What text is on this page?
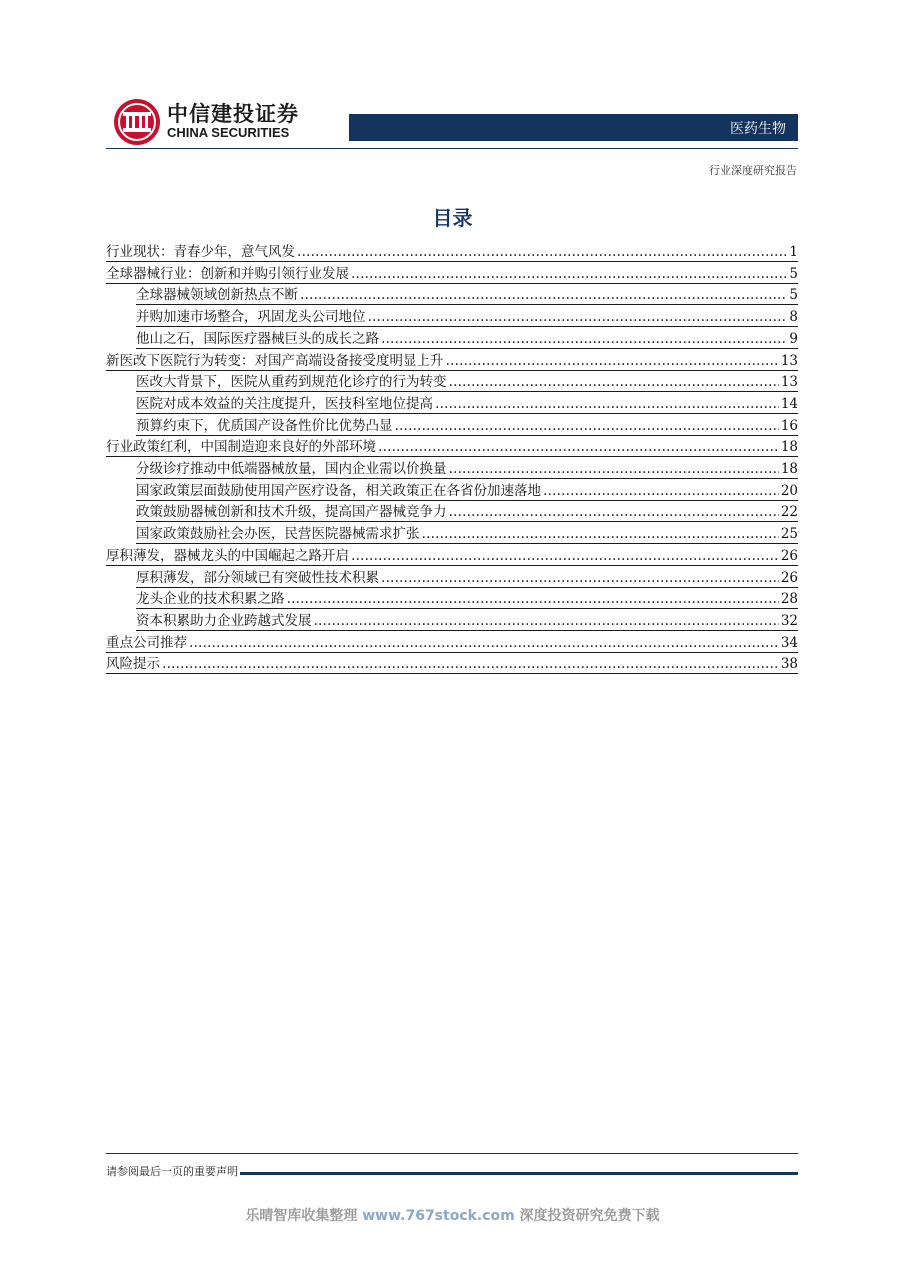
中信建投证券
CHINA SECURITIES	医药生物
行业深度研究报告
目录
行业现状：青春少年，意气风发 ……………………………………………………………………………………………………………………………………………………………………………………………………………………………	1
全球器械行业：创新和并购引领行业发展 ……………………………………………………………………………………………………………………………………………………………………………………………………………………………	5
全球器械领域创新热点不断 ……………………………………………………………………………………………………………………………………………………………………………………………………………………………	5
并购加速市场整合，巩固龙头公司地位 ……………………………………………………………………………………………………………………………………………………………………………………………………………………………	8
他山之石，国际医疗器械巨头的成长之路 ……………………………………………………………………………………………………………………………………………………………………………………………………………………………	9
新医改下医院行为转变：对国产高端设备接受度明显上升 ……………………………………………………………………………………………………………………………………………………………………………………………………………………………	13
医改大背景下，医院从重药到规范化诊疗的行为转变 ……………………………………………………………………………………………………………………………………………………………………………………………………………………………	13
医院对成本效益的关注度提升，医技科室地位提高 ……………………………………………………………………………………………………………………………………………………………………………………………………………………………	14
预算约束下，优质国产设备性价比优势凸显 ……………………………………………………………………………………………………………………………………………………………………………………………………………………………	16
行业政策红利，中国制造迎来良好的外部环境 ……………………………………………………………………………………………………………………………………………………………………………………………………………………………	18
分级诊疗推动中低端器械放量，国内企业需以价换量 ……………………………………………………………………………………………………………………………………………………………………………………………………………………………	18
国家政策层面鼓励使用国产医疗设备，相关政策正在各省份加速落地 ……………………………………………………………………………………………………………………………………………………………………………………………………………………………	20
政策鼓励器械创新和技术升级，提高国产器械竞争力 ……………………………………………………………………………………………………………………………………………………………………………………………………………………………	22
国家政策鼓励社会办医，民营医院器械需求扩张 ……………………………………………………………………………………………………………………………………………………………………………………………………………………………	25
厚积薄发，器械龙头的中国崛起之路开启 ……………………………………………………………………………………………………………………………………………………………………………………………………………………………	26
厚积薄发，部分领域已有突破性技术积累 ……………………………………………………………………………………………………………………………………………………………………………………………………………………………	26
龙头企业的技术积累之路 ……………………………………………………………………………………………………………………………………………………………………………………………………………………………	28
资本积累助力企业跨越式发展 ……………………………………………………………………………………………………………………………………………………………………………………………………………………………	32
重点公司推荐 ……………………………………………………………………………………………………………………………………………………………………………………………………………………………	34
风险提示 ……………………………………………………………………………………………………………………………………………………………………………………………………………………………	38
请参阅最后一页的重要声明
乐晴智库收集整理 www.767stock.com 深度投资研究免费下载
